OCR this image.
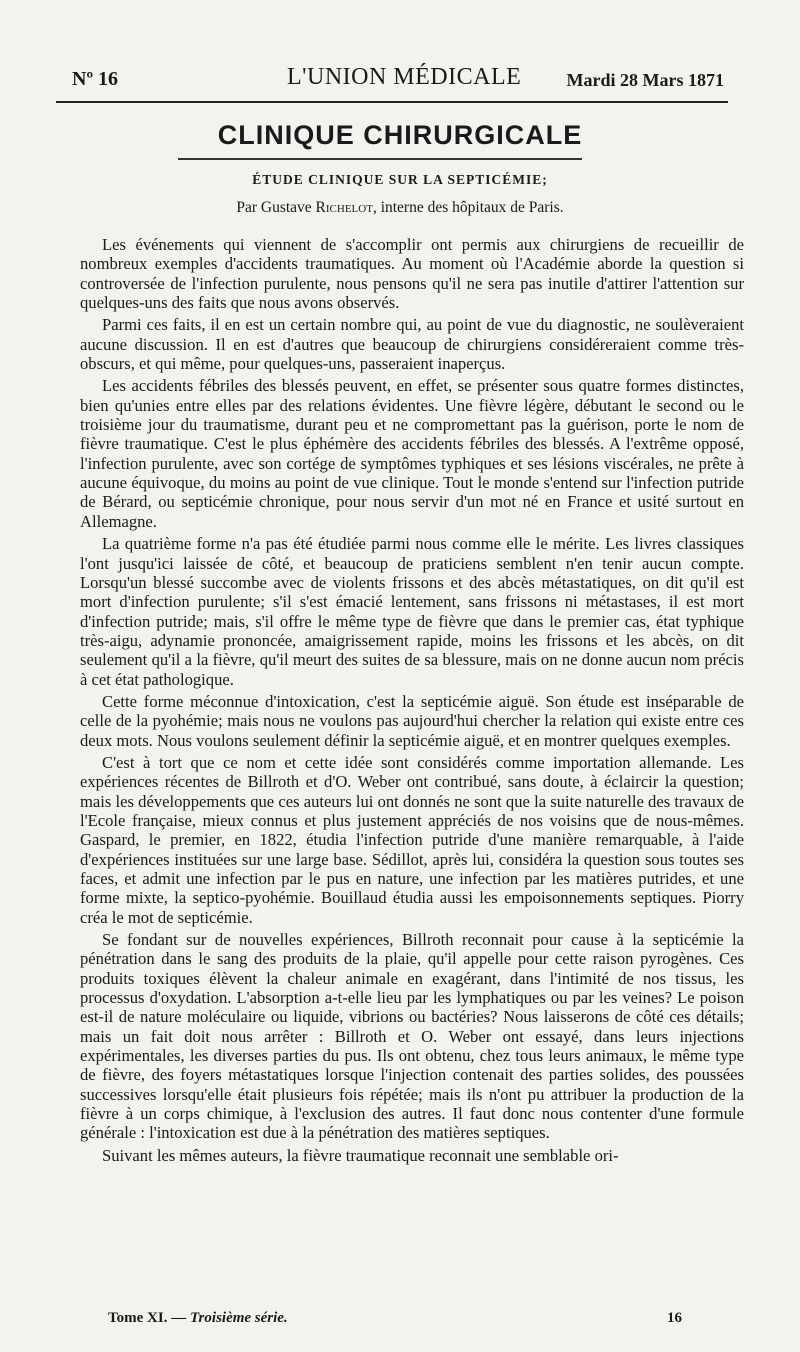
Nº 16	L'UNION MÉDICALE	Mardi 28 Mars 1871
CLINIQUE CHIRURGICALE
ÉTUDE CLINIQUE SUR LA SEPTICÉMIE;
Par Gustave Richelot, interne des hôpitaux de Paris.

Les événements qui viennent de s'accomplir ont permis aux chirurgiens de recueillir de nombreux exemples d'accidents traumatiques. Au moment où l'Académie aborde la question si controversée de l'infection purulente, nous pensons qu'il ne sera pas inutile d'attirer l'attention sur quelques-uns des faits que nous avons observés.

Parmi ces faits, il en est un certain nombre qui, au point de vue du diagnostic, ne soulèveraient aucune discussion. Il en est d'autres que beaucoup de chirurgiens considéreraient comme très-obscurs, et qui même, pour quelques-uns, passeraient inaperçus.

Les accidents fébriles des blessés peuvent, en effet, se présenter sous quatre formes distinctes, bien qu'unies entre elles par des relations évidentes. Une fièvre légère, débutant le second ou le troisième jour du traumatisme, durant peu et ne compromettant pas la guérison, porte le nom de fièvre traumatique. C'est le plus éphémère des accidents fébriles des blessés. A l'extrême opposé, l'infection purulente, avec son cortége de symptômes typhiques et ses lésions viscérales, ne prête à aucune équivoque, du moins au point de vue clinique. Tout le monde s'entend sur l'infection putride de Bérard, ou septicémie chronique, pour nous servir d'un mot né en France et usité surtout en Allemagne.

La quatrième forme n'a pas été étudiée parmi nous comme elle le mérite. Les livres classiques l'ont jusqu'ici laissée de côté, et beaucoup de praticiens semblent n'en tenir aucun compte. Lorsqu'un blessé succombe avec de violents frissons et des abcès métastatiques, on dit qu'il est mort d'infection purulente; s'il s'est émacié lentement, sans frissons ni métastases, il est mort d'infection putride; mais, s'il offre le même type de fièvre que dans le premier cas, état typhique très-aigu, adynamie prononcée, amaigrissement rapide, moins les frissons et les abcès, on dit seulement qu'il a la fièvre, qu'il meurt des suites de sa blessure, mais on ne donne aucun nom précis à cet état pathologique.

Cette forme méconnue d'intoxication, c'est la septicémie aiguë. Son étude est inséparable de celle de la pyohémie; mais nous ne voulons pas aujourd'hui chercher la relation qui existe entre ces deux mots. Nous voulons seulement définir la septicémie aiguë, et en montrer quelques exemples.

C'est à tort que ce nom et cette idée sont considérés comme importation allemande. Les expériences récentes de Billroth et d'O. Weber ont contribué, sans doute, à éclaircir la question; mais les développements que ces auteurs lui ont donnés ne sont que la suite naturelle des travaux de l'Ecole française, mieux connus et plus justement appréciés de nos voisins que de nous-mêmes. Gaspard, le premier, en 1822, étudia l'infection putride d'une manière remarquable, à l'aide d'expériences instituées sur une large base. Sédillot, après lui, considéra la question sous toutes ses faces, et admit une infection par le pus en nature, une infection par les matières putrides, et une forme mixte, la septico-pyohémie. Bouillaud étudia aussi les empoisonnements septiques. Piorry créa le mot de septicémie.

Se fondant sur de nouvelles expériences, Billroth reconnait pour cause à la septicémie la pénétration dans le sang des produits de la plaie, qu'il appelle pour cette raison pyrogènes. Ces produits toxiques élèvent la chaleur animale en exagérant, dans l'intimité de nos tissus, les processus d'oxydation. L'absorption a-t-elle lieu par les lymphatiques ou par les veines? Le poison est-il de nature moléculaire ou liquide, vibrions ou bactéries? Nous laisserons de côté ces détails; mais un fait doit nous arrêter : Billroth et O. Weber ont essayé, dans leurs injections expérimentales, les diverses parties du pus. Ils ont obtenu, chez tous leurs animaux, le même type de fièvre, des foyers métastatiques lorsque l'injection contenait des parties solides, des poussées successives lorsqu'elle était plusieurs fois répétée; mais ils n'ont pu attribuer la production de la fièvre à un corps chimique, à l'exclusion des autres. Il faut donc nous contenter d'une formule générale : l'intoxication est due à la pénétration des matières septiques.

Suivant les mêmes auteurs, la fièvre traumatique reconnait une semblable ori-

Tome XI. — Troisième série.	16
